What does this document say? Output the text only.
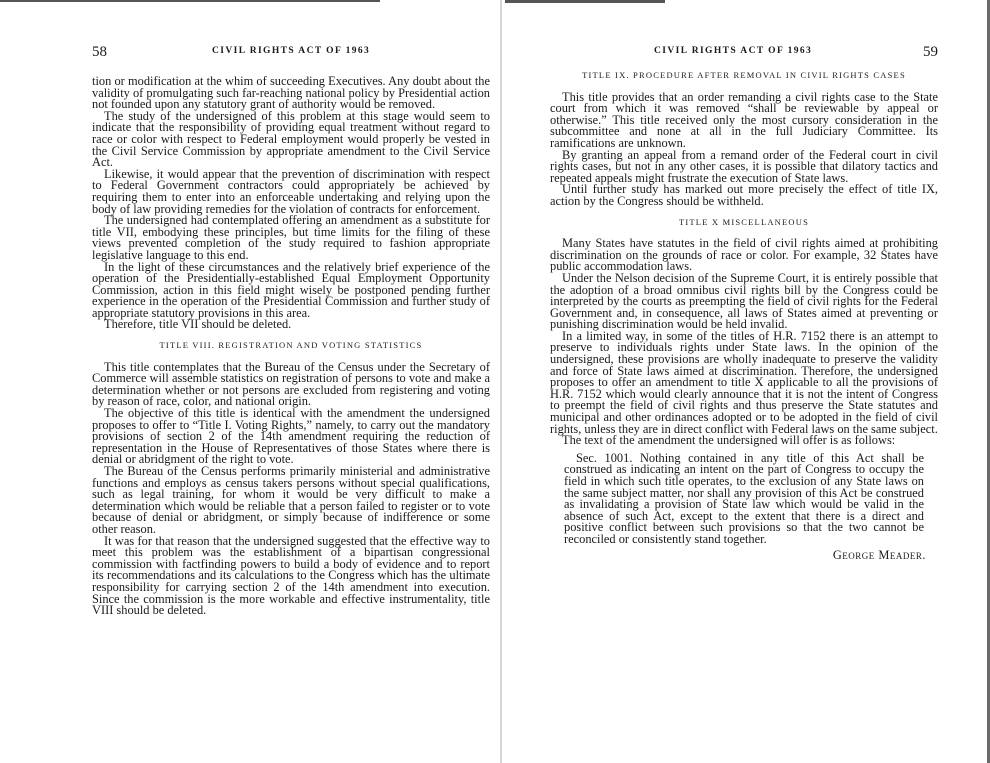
58	CIVIL RIGHTS ACT OF 1963

tion or modification at the whim of succeeding Executives. Any doubt about the validity of promulgating such far-reaching national policy by Presidential action not founded upon any statutory grant of authority would be removed.

The study of the undersigned of this problem at this stage would seem to indicate that the responsibility of providing equal treatment without regard to race or color with respect to Federal employment would properly be vested in the Civil Service Commission by appropriate amendment to the Civil Service Act.

Likewise, it would appear that the prevention of discrimination with respect to Federal Government contractors could appropriately be achieved by requiring them to enter into an enforceable undertaking and relying upon the body of law providing remedies for the violation of contracts for enforcement.

The undersigned had contemplated offering an amendment as a substitute for title VII, embodying these principles, but time limits for the filing of these views prevented completion of the study required to fashion appropriate legislative language to this end.

In the light of these circumstances and the relatively brief experience of the operation of the Presidentially-established Equal Employment Opportunity Commission, action in this field might wisely be postponed pending further experience in the operation of the Presidential Commission and further study of appropriate statutory provisions in this area.

Therefore, title VII should be deleted.

TITLE VIII. REGISTRATION AND VOTING STATISTICS

This title contemplates that the Bureau of the Census under the Secretary of Commerce will assemble statistics on registration of persons to vote and make a determination whether or not persons are excluded from registering and voting by reason of race, color, and national origin.

The objective of this title is identical with the amendment the undersigned proposes to offer to “Title I. Voting Rights,” namely, to carry out the mandatory provisions of section 2 of the 14th amendment requiring the reduction of representation in the House of Representatives of those States where there is denial or abridgment of the right to vote.

The Bureau of the Census performs primarily ministerial and administrative functions and employs as census takers persons without special qualifications, such as legal training, for whom it would be very difficult to make a determination which would be reliable that a person failed to register or to vote because of denial or abridgment, or simply because of indifference or some other reason.

It was for that reason that the undersigned suggested that the effective way to meet this problem was the establishment of a bipartisan congressional commission with factfinding powers to build a body of evidence and to report its recommendations and its calculations to the Congress which has the ultimate responsibility for carrying section 2 of the 14th amendment into execution. Since the commission is the more workable and effective instrumentality, title VIII should be deleted.

CIVIL RIGHTS ACT OF 1963	59
TITLE IX. PROCEDURE AFTER REMOVAL IN CIVIL RIGHTS CASES

This title provides that an order remanding a civil rights case to the State court from which it was removed “shall be reviewable by appeal or otherwise.” This title received only the most cursory consideration in the subcommittee and none at all in the full Judiciary Committee. Its ramifications are unknown.

By granting an appeal from a remand order of the Federal court in civil rights cases, but not in any other cases, it is possible that dilatory tactics and repeated appeals might frustrate the execution of State laws.

Until further study has marked out more precisely the effect of title IX, action by the Congress should be withheld.

TITLE X MISCELLANEOUS

Many States have statutes in the field of civil rights aimed at prohibiting discrimination on the grounds of race or color. For example, 32 States have public accommodation laws.

Under the Nelson decision of the Supreme Court, it is entirely possible that the adoption of a broad omnibus civil rights bill by the Congress could be interpreted by the courts as preempting the field of civil rights for the Federal Government and, in consequence, all laws of States aimed at preventing or punishing discrimination would be held invalid.

In a limited way, in some of the titles of H.R. 7152 there is an attempt to preserve to individuals rights under State laws. In the opinion of the undersigned, these provisions are wholly inadequate to preserve the validity and force of State laws aimed at discrimination. Therefore, the undersigned proposes to offer an amendment to title X applicable to all the provisions of H.R. 7152 which would clearly announce that it is not the intent of Congress to preempt the field of civil rights and thus preserve the State statutes and municipal and other ordinances adopted or to be adopted in the field of civil rights, unless they are in direct conflict with Federal laws on the same subject.

The text of the amendment the undersigned will offer is as follows:

Sec. 1001. Nothing contained in any title of this Act shall be construed as indicating an intent on the part of Congress to occupy the field in which such title operates, to the exclusion of any State laws on the same subject matter, nor shall any provision of this Act be construed as invalidating a provision of State law which would be valid in the absence of such Act, except to the extent that there is a direct and positive conflict between such provisions so that the two cannot be reconciled or consistently stand together.

George Meader.
